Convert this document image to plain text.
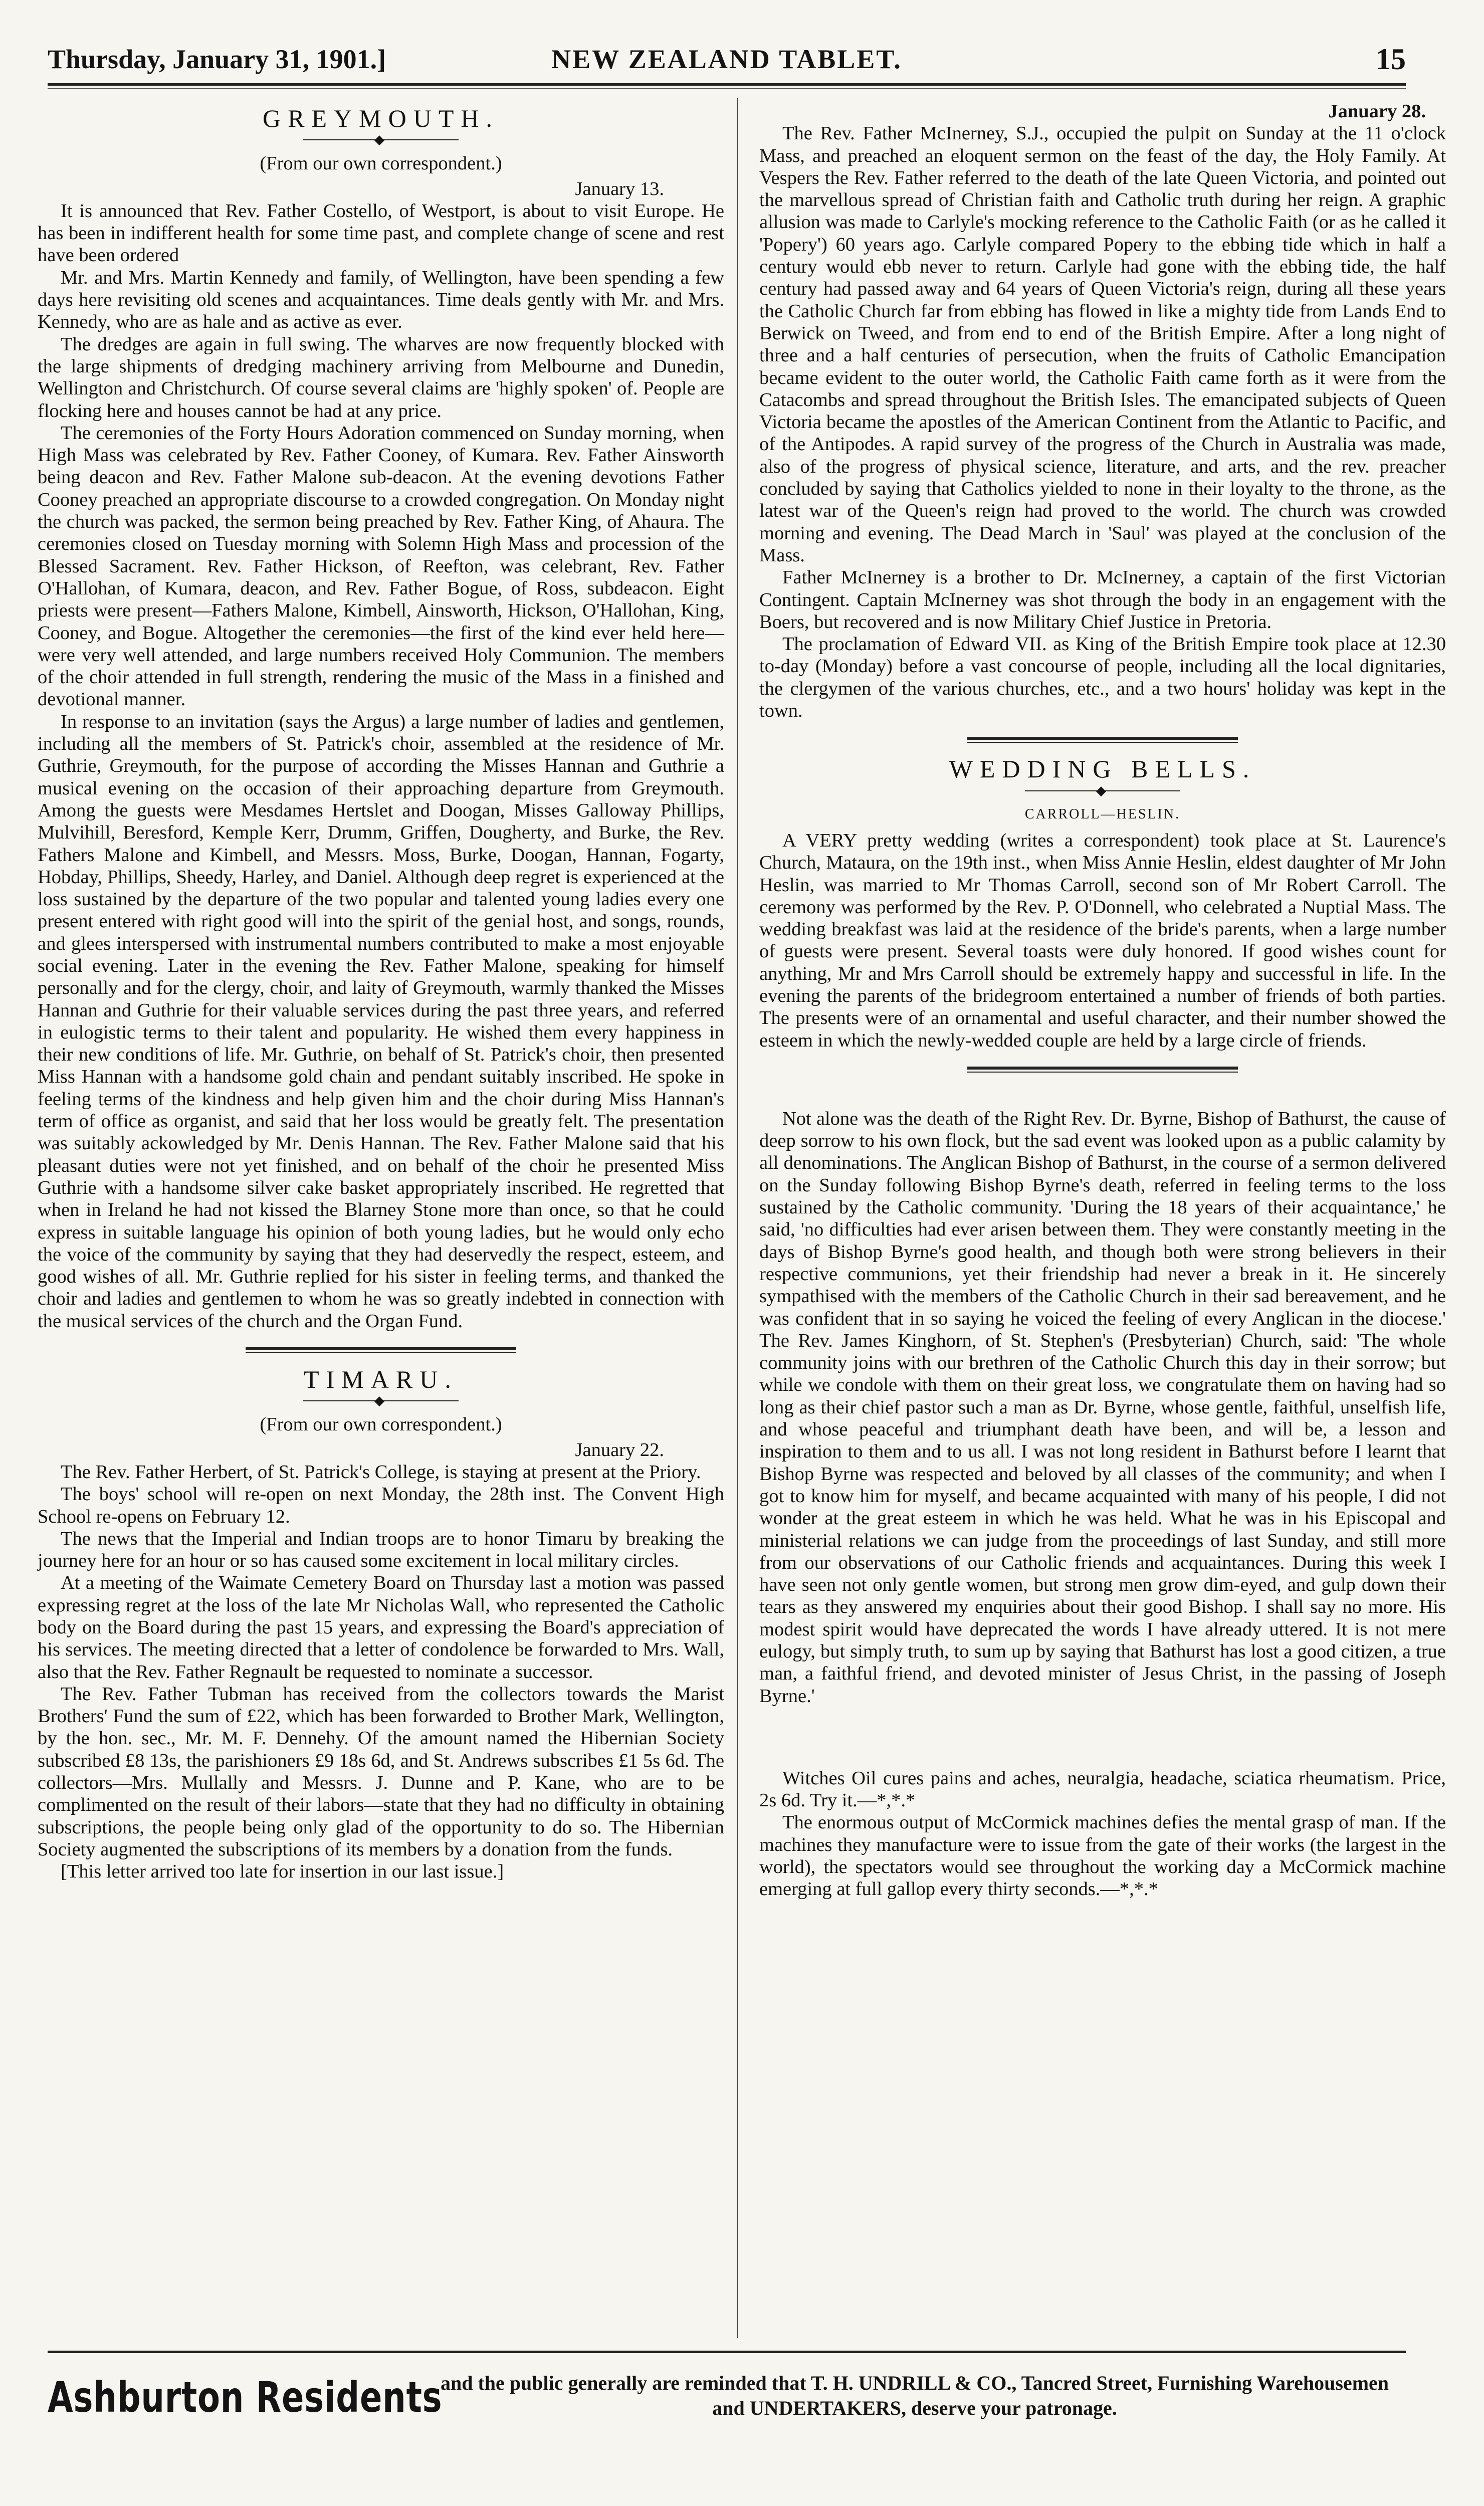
Thursday, January 31, 1901.]	NEW ZEALAND TABLET.	15
GREYMOUTH.
◆

(From our own correspondent.)

January 13.

It is announced that Rev. Father Costello, of Westport, is about to visit Europe. He has been in indifferent health for some time past, and complete change of scene and rest have been ordered

Mr. and Mrs. Martin Kennedy and family, of Wellington, have been spending a few days here revisiting old scenes and acquaintances. Time deals gently with Mr. and Mrs. Kennedy, who are as hale and as active as ever.

The dredges are again in full swing. The wharves are now frequently blocked with the large shipments of dredging machinery arriving from Melbourne and Dunedin, Wellington and Christchurch. Of course several claims are 'highly spoken' of. People are flocking here and houses cannot be had at any price.

The ceremonies of the Forty Hours Adoration commenced on Sunday morning, when High Mass was celebrated by Rev. Father Cooney, of Kumara. Rev. Father Ainsworth being deacon and Rev. Father Malone sub-deacon. At the evening devotions Father Cooney preached an appropriate discourse to a crowded congregation. On Monday night the church was packed, the sermon being preached by Rev. Father King, of Ahaura. The ceremonies closed on Tuesday morning with Solemn High Mass and procession of the Blessed Sacrament. Rev. Father Hickson, of Reefton, was celebrant, Rev. Father O'Hallohan, of Kumara, deacon, and Rev. Father Bogue, of Ross, subdeacon. Eight priests were present—Fathers Malone, Kimbell, Ainsworth, Hickson, O'Hallohan, King, Cooney, and Bogue. Altogether the ceremonies—the first of the kind ever held here—were very well attended, and large numbers received Holy Communion. The members of the choir attended in full strength, rendering the music of the Mass in a finished and devotional manner.

In response to an invitation (says the Argus) a large number of ladies and gentlemen, including all the members of St. Patrick's choir, assembled at the residence of Mr. Guthrie, Greymouth, for the purpose of according the Misses Hannan and Guthrie a musical evening on the occasion of their approaching departure from Greymouth. Among the guests were Mesdames Hertslet and Doogan, Misses Galloway Phillips, Mulvihill, Beresford, Kemple Kerr, Drumm, Griffen, Dougherty, and Burke, the Rev. Fathers Malone and Kimbell, and Messrs. Moss, Burke, Doogan, Hannan, Fogarty, Hobday, Phillips, Sheedy, Harley, and Daniel. Although deep regret is experienced at the loss sustained by the departure of the two popular and talented young ladies every one present entered with right good will into the spirit of the genial host, and songs, rounds, and glees interspersed with instrumental numbers contributed to make a most enjoyable social evening. Later in the evening the Rev. Father Malone, speaking for himself personally and for the clergy, choir, and laity of Greymouth, warmly thanked the Misses Hannan and Guthrie for their valuable services during the past three years, and referred in eulogistic terms to their talent and popularity. He wished them every happiness in their new conditions of life. Mr. Guthrie, on behalf of St. Patrick's choir, then presented Miss Hannan with a handsome gold chain and pendant suitably inscribed. He spoke in feeling terms of the kindness and help given him and the choir during Miss Hannan's term of office as organist, and said that her loss would be greatly felt. The presentation was suitably ackowledged by Mr. Denis Hannan. The Rev. Father Malone said that his pleasant duties were not yet finished, and on behalf of the choir he presented Miss Guthrie with a handsome silver cake basket appropriately inscribed. He regretted that when in Ireland he had not kissed the Blarney Stone more than once, so that he could express in suitable language his opinion of both young ladies, but he would only echo the voice of the community by saying that they had deservedly the respect, esteem, and good wishes of all. Mr. Guthrie replied for his sister in feeling terms, and thanked the choir and ladies and gentlemen to whom he was so greatly indebted in connection with the musical services of the church and the Organ Fund.

TIMARU.
◆

(From our own correspondent.)

January 22.

The Rev. Father Herbert, of St. Patrick's College, is staying at present at the Priory.

The boys' school will re-open on next Monday, the 28th inst. The Convent High School re-opens on February 12.

The news that the Imperial and Indian troops are to honor Timaru by breaking the journey here for an hour or so has caused some excitement in local military circles.

At a meeting of the Waimate Cemetery Board on Thursday last a motion was passed expressing regret at the loss of the late Mr Nicholas Wall, who represented the Catholic body on the Board during the past 15 years, and expressing the Board's appreciation of his services. The meeting directed that a letter of condolence be forwarded to Mrs. Wall, also that the Rev. Father Regnault be requested to nominate a successor.

The Rev. Father Tubman has received from the collectors towards the Marist Brothers' Fund the sum of £22, which has been forwarded to Brother Mark, Wellington, by the hon. sec., Mr. M. F. Dennehy. Of the amount named the Hibernian Society subscribed £8 13s, the parishioners £9 18s 6d, and St. Andrews subscribes £1 5s 6d. The collectors—Mrs. Mullally and Messrs. J. Dunne and P. Kane, who are to be complimented on the result of their labors—state that they had no difficulty in obtaining subscriptions, the people being only glad of the opportunity to do so. The Hibernian Society augmented the subscriptions of its members by a donation from the funds.

[This letter arrived too late for insertion in our last issue.]

January 28.

The Rev. Father McInerney, S.J., occupied the pulpit on Sunday at the 11 o'clock Mass, and preached an eloquent sermon on the feast of the day, the Holy Family. At Vespers the Rev. Father referred to the death of the late Queen Victoria, and pointed out the marvellous spread of Christian faith and Catholic truth during her reign. A graphic allusion was made to Carlyle's mocking reference to the Catholic Faith (or as he called it 'Popery') 60 years ago. Carlyle compared Popery to the ebbing tide which in half a century would ebb never to return. Carlyle had gone with the ebbing tide, the half century had passed away and 64 years of Queen Victoria's reign, during all these years the Catholic Church far from ebbing has flowed in like a mighty tide from Lands End to Berwick on Tweed, and from end to end of the British Empire. After a long night of three and a half centuries of persecution, when the fruits of Catholic Emancipation became evident to the outer world, the Catholic Faith came forth as it were from the Catacombs and spread throughout the British Isles. The emancipated subjects of Queen Victoria became the apostles of the American Continent from the Atlantic to Pacific, and of the Antipodes. A rapid survey of the progress of the Church in Australia was made, also of the progress of physical science, literature, and arts, and the rev. preacher concluded by saying that Catholics yielded to none in their loyalty to the throne, as the latest war of the Queen's reign had proved to the world. The church was crowded morning and evening. The Dead March in 'Saul' was played at the conclusion of the Mass.

Father McInerney is a brother to Dr. McInerney, a captain of the first Victorian Contingent. Captain McInerney was shot through the body in an engagement with the Boers, but recovered and is now Military Chief Justice in Pretoria.

The proclamation of Edward VII. as King of the British Empire took place at 12.30 to-day (Monday) before a vast concourse of people, including all the local dignitaries, the clergymen of the various churches, etc., and a two hours' holiday was kept in the town.

WEDDING BELLS.
◆

CARROLL—HESLIN.

A VERY pretty wedding (writes a correspondent) took place at St. Laurence's Church, Mataura, on the 19th inst., when Miss Annie Heslin, eldest daughter of Mr John Heslin, was married to Mr Thomas Carroll, second son of Mr Robert Carroll. The ceremony was performed by the Rev. P. O'Donnell, who celebrated a Nuptial Mass. The wedding breakfast was laid at the residence of the bride's parents, when a large number of guests were present. Several toasts were duly honored. If good wishes count for anything, Mr and Mrs Carroll should be extremely happy and successful in life. In the evening the parents of the bridegroom entertained a number of friends of both parties. The presents were of an ornamental and useful character, and their number showed the esteem in which the newly-wedded couple are held by a large circle of friends.

Not alone was the death of the Right Rev. Dr. Byrne, Bishop of Bathurst, the cause of deep sorrow to his own flock, but the sad event was looked upon as a public calamity by all denominations. The Anglican Bishop of Bathurst, in the course of a sermon delivered on the Sunday following Bishop Byrne's death, referred in feeling terms to the loss sustained by the Catholic community. 'During the 18 years of their acquaintance,' he said, 'no difficulties had ever arisen between them. They were constantly meeting in the days of Bishop Byrne's good health, and though both were strong believers in their respective communions, yet their friendship had never a break in it. He sincerely sympathised with the members of the Catholic Church in their sad bereavement, and he was confident that in so saying he voiced the feeling of every Anglican in the diocese.' The Rev. James Kinghorn, of St. Stephen's (Presbyterian) Church, said: 'The whole community joins with our brethren of the Catholic Church this day in their sorrow; but while we condole with them on their great loss, we congratulate them on having had so long as their chief pastor such a man as Dr. Byrne, whose gentle, faithful, unselfish life, and whose peaceful and triumphant death have been, and will be, a lesson and inspiration to them and to us all. I was not long resident in Bathurst before I learnt that Bishop Byrne was respected and beloved by all classes of the community; and when I got to know him for myself, and became acquainted with many of his people, I did not wonder at the great esteem in which he was held. What he was in his Episcopal and ministerial relations we can judge from the proceedings of last Sunday, and still more from our observations of our Catholic friends and acquaintances. During this week I have seen not only gentle women, but strong men grow dim-eyed, and gulp down their tears as they answered my enquiries about their good Bishop. I shall say no more. His modest spirit would have deprecated the words I have already uttered. It is not mere eulogy, but simply truth, to sum up by saying that Bathurst has lost a good citizen, a true man, a faithful friend, and devoted minister of Jesus Christ, in the passing of Joseph Byrne.'

Witches Oil cures pains and aches, neuralgia, headache, sciatica rheumatism. Price, 2s 6d. Try it.—*,*.*

The enormous output of McCormick machines defies the mental grasp of man. If the machines they manufacture were to issue from the gate of their works (the largest in the world), the spectators would see throughout the working day a McCormick machine emerging at full gallop every thirty seconds.—*,*.*

Ashburton Residents
and the public generally are reminded that T. H. UNDRILL & CO., Tancred Street, Furnishing Warehousemen and UNDERTAKERS, deserve your patronage.
